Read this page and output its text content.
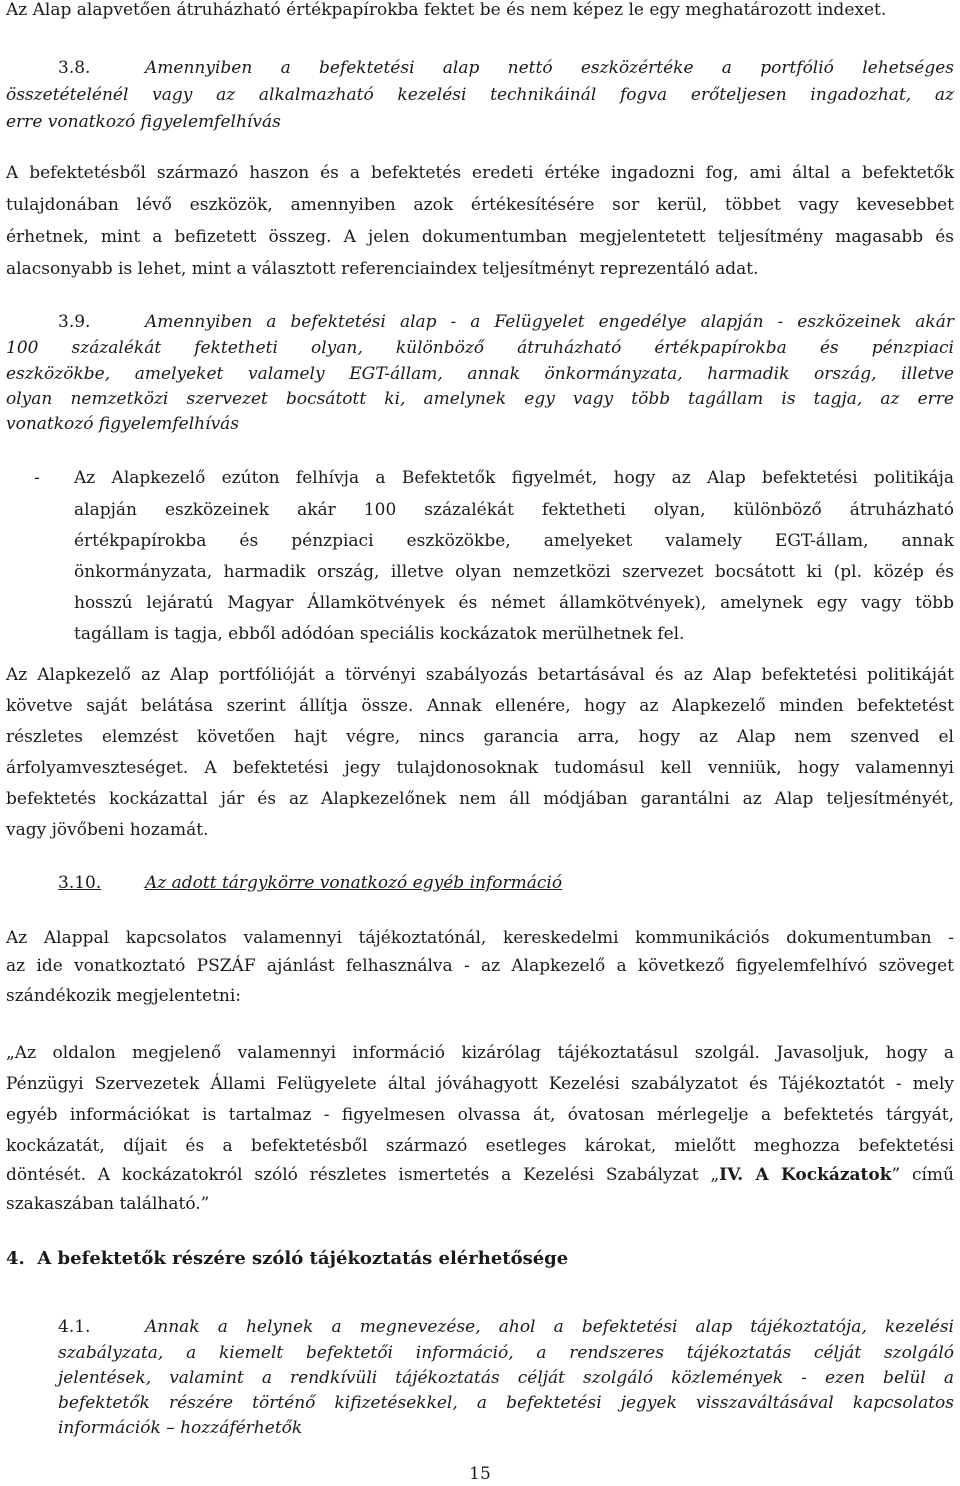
Az Alap alapvetően átruházható értékpapírokba fektet be és nem képez le egy meghatározott indexet.
3.8.	Amennyiben a befektetési alap nettó eszközértéke a portfólió lehetséges
összetételénél vagy az alkalmazható kezelési technikáinál fogva erőteljesen ingadozhat, az
erre vonatkozó figyelemfelhívás
A befektetésből származó haszon és a befektetés eredeti értéke ingadozni fog, ami által a befektetők
tulajdonában lévő eszközök, amennyiben azok értékesítésére sor kerül, többet vagy kevesebbet
érhetnek, mint a befizetett összeg. A jelen dokumentumban megjelentetett teljesítmény magasabb és
alacsonyabb is lehet, mint a választott referenciaindex teljesítményt reprezentáló adat.
3.9.	Amennyiben a befektetési alap - a Felügyelet engedélye alapján - eszközeinek akár
100 százalékát fektetheti olyan, különböző átruházható értékpapírokba és pénzpiaci
eszközökbe, amelyeket valamely EGT-állam, annak önkormányzata, harmadik ország, illetve
olyan nemzetközi szervezet bocsátott ki, amelynek egy vagy több tagállam is tagja, az erre
vonatkozó figyelemfelhívás
- Az Alapkezelő ezúton felhívja a Befektetők figyelmét, hogy az Alap befektetési politikája
alapján eszközeinek akár 100 százalékát fektetheti olyan, különböző átruházható
értékpapírokba és pénzpiaci eszközökbe, amelyeket valamely EGT-állam, annak
önkormányzata, harmadik ország, illetve olyan nemzetközi szervezet bocsátott ki (pl. közép és
hosszú lejáratú Magyar Államkötvények és német államkötvények), amelynek egy vagy több
tagállam is tagja, ebből adódóan speciális kockázatok merülhetnek fel.
Az Alapkezelő az Alap portfólióját a törvényi szabályozás betartásával és az Alap befektetési politikáját
követve saját belátása szerint állítja össze. Annak ellenére, hogy az Alapkezelő minden befektetést
részletes elemzést követően hajt végre, nincs garancia arra, hogy az Alap nem szenved el
árfolyamveszteséget. A befektetési jegy tulajdonosoknak tudomásul kell venniük, hogy valamennyi
befektetés kockázattal jár és az Alapkezelőnek nem áll módjában garantálni az Alap teljesítményét,
vagy jövőbeni hozamát.
3.10.	Az adott tárgykörre vonatkozó egyéb információ
Az Alappal kapcsolatos valamennyi tájékoztatónál, kereskedelmi kommunikációs dokumentumban -
az ide vonatkoztató PSZÁF ajánlást felhasználva - az Alapkezelő a következő figyelemfelhívó szöveget
szándékozik megjelentetni:
„Az oldalon megjelenő valamennyi információ kizárólag tájékoztatásul szolgál. Javasoljuk, hogy a
Pénzügyi Szervezetek Állami Felügyelete által jóváhagyott Kezelési szabályzatot és Tájékoztatót - mely
egyéb információkat is tartalmaz - figyelmesen olvassa át, óvatosan mérlegelje a befektetés tárgyát,
kockázatát, díjait és a befektetésből származó esetleges károkat, mielőtt meghozza befektetési
döntését. A kockázatokról szóló részletes ismertetés a Kezelési Szabályzat „IV. A Kockázatok” című
szakaszában található.”
4.  A befektetők részére szóló tájékoztatás elérhetősége
4.1.	Annak a helynek a megnevezése, ahol a befektetési alap tájékoztatója, kezelési
szabályzata, a kiemelt befektetői információ, a rendszeres tájékoztatás célját szolgáló
jelentések, valamint a rendkívüli tájékoztatás célját szolgáló közlemények - ezen belül a
befektetők részére történő kifizetésekkel, a befektetési jegyek visszaváltásával kapcsolatos
információk – hozzáférhetők
15
